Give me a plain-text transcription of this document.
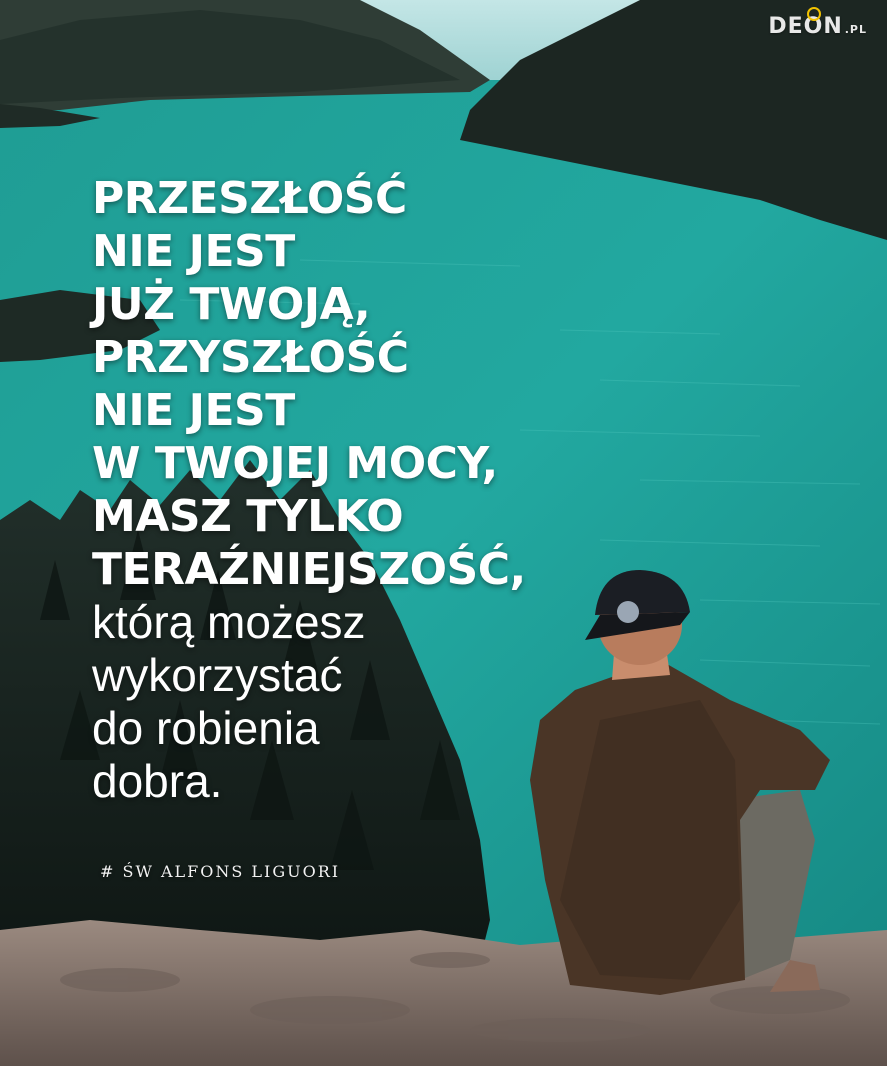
DE O N .PL
PRZESZŁOŚĆ
NIE JEST
JUŻ TWOJĄ,
PRZYSZŁOŚĆ
NIE JEST
W TWOJEJ MOCY,
MASZ TYLKO
TERAŹNIEJSZOŚĆ,
którą możesz
wykorzystać
do robienia
dobra.
# ŚW ALFONS LIGUORI
